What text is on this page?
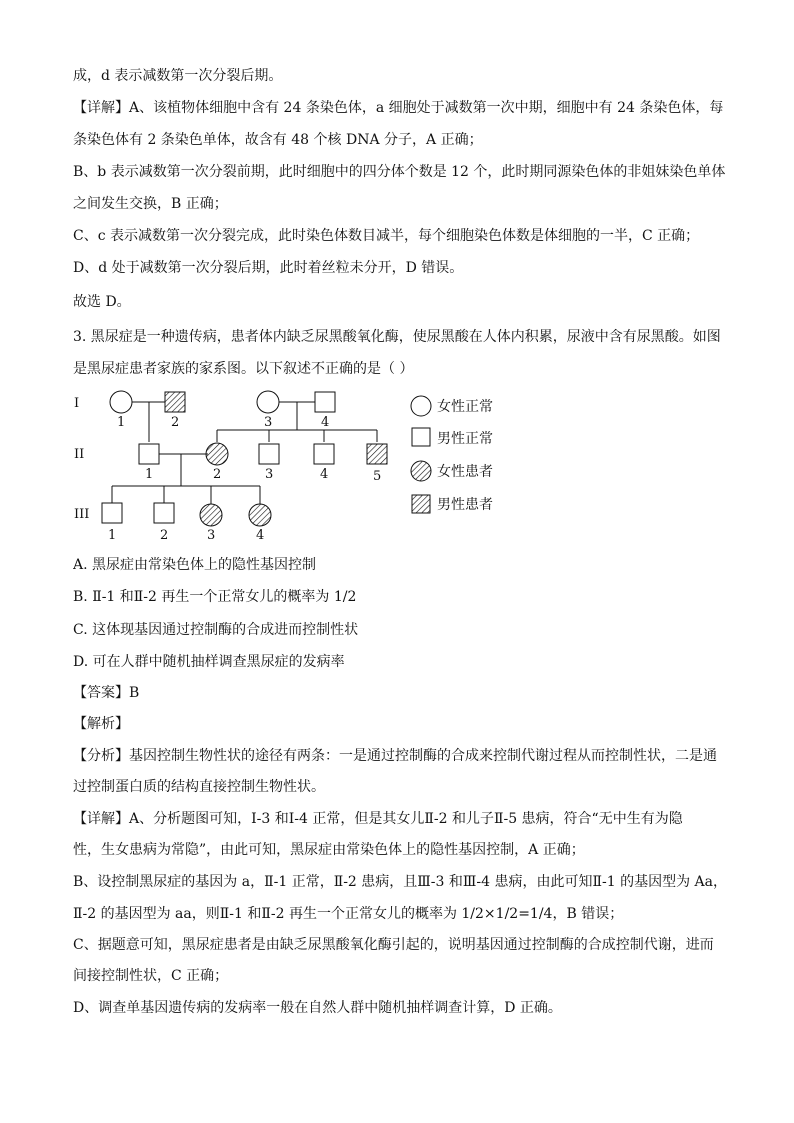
成，d 表示减数第一次分裂后期。
【详解】A、该植物体细胞中含有 24 条染色体，a 细胞处于减数第一次中期，细胞中有 24 条染色体，每
条染色体有 2 条染色单体，故含有 48 个核 DNA 分子，A 正确；
B、b 表示减数第一次分裂前期，此时细胞中的四分体个数是 12 个，此时期同源染色体的非姐妹染色单体
之间发生交换，B 正确；
C、c 表示减数第一次分裂完成，此时染色体数目减半，每个细胞染色体数是体细胞的一半，C 正确；
D、d 处于减数第一次分裂后期，此时着丝粒未分开，D 错误。
故选 D。
3. 黑尿症是一种遗传病，患者体内缺乏尿黑酸氧化酶，使尿黑酸在人体内积累，尿液中含有尿黑酸。如图
是黑尿症患者家族的家系图。以下叙述不正确的是（ ）
I
II
III
1	2	3	4
1	2	3	4	5
1	2	3	4
女性正常
男性正常
女性患者
男性患者
A. 黑尿症由常染色体上的隐性基因控制
B. Ⅱ-1 和Ⅱ-2 再生一个正常女儿的概率为 1/2
C. 这体现基因通过控制酶的合成进而控制性状
D. 可在人群中随机抽样调查黑尿症的发病率
【答案】B
【解析】
【分析】基因控制生物性状的途径有两条：一是通过控制酶的合成来控制代谢过程从而控制性状，二是通
过控制蛋白质的结构直接控制生物性状。
【详解】A、分析题图可知，Ⅰ-3 和Ⅰ-4 正常，但是其女儿Ⅱ-2 和儿子Ⅱ-5 患病，符合“无中生有为隐
性，生女患病为常隐”，由此可知，黑尿症由常染色体上的隐性基因控制，A 正确；
B、设控制黑尿症的基因为 a，Ⅱ-1 正常，Ⅱ-2 患病，且Ⅲ-3 和Ⅲ-4 患病，由此可知Ⅱ-1 的基因型为 Aa，
Ⅱ-2 的基因型为 aa，则Ⅱ-1 和Ⅱ-2 再生一个正常女儿的概率为 1/2×1/2=1/4，B 错误；
C、据题意可知，黑尿症患者是由缺乏尿黑酸氧化酶引起的，说明基因通过控制酶的合成控制代谢，进而
间接控制性状，C 正确；
D、调查单基因遗传病的发病率一般在自然人群中随机抽样调查计算，D 正确。
